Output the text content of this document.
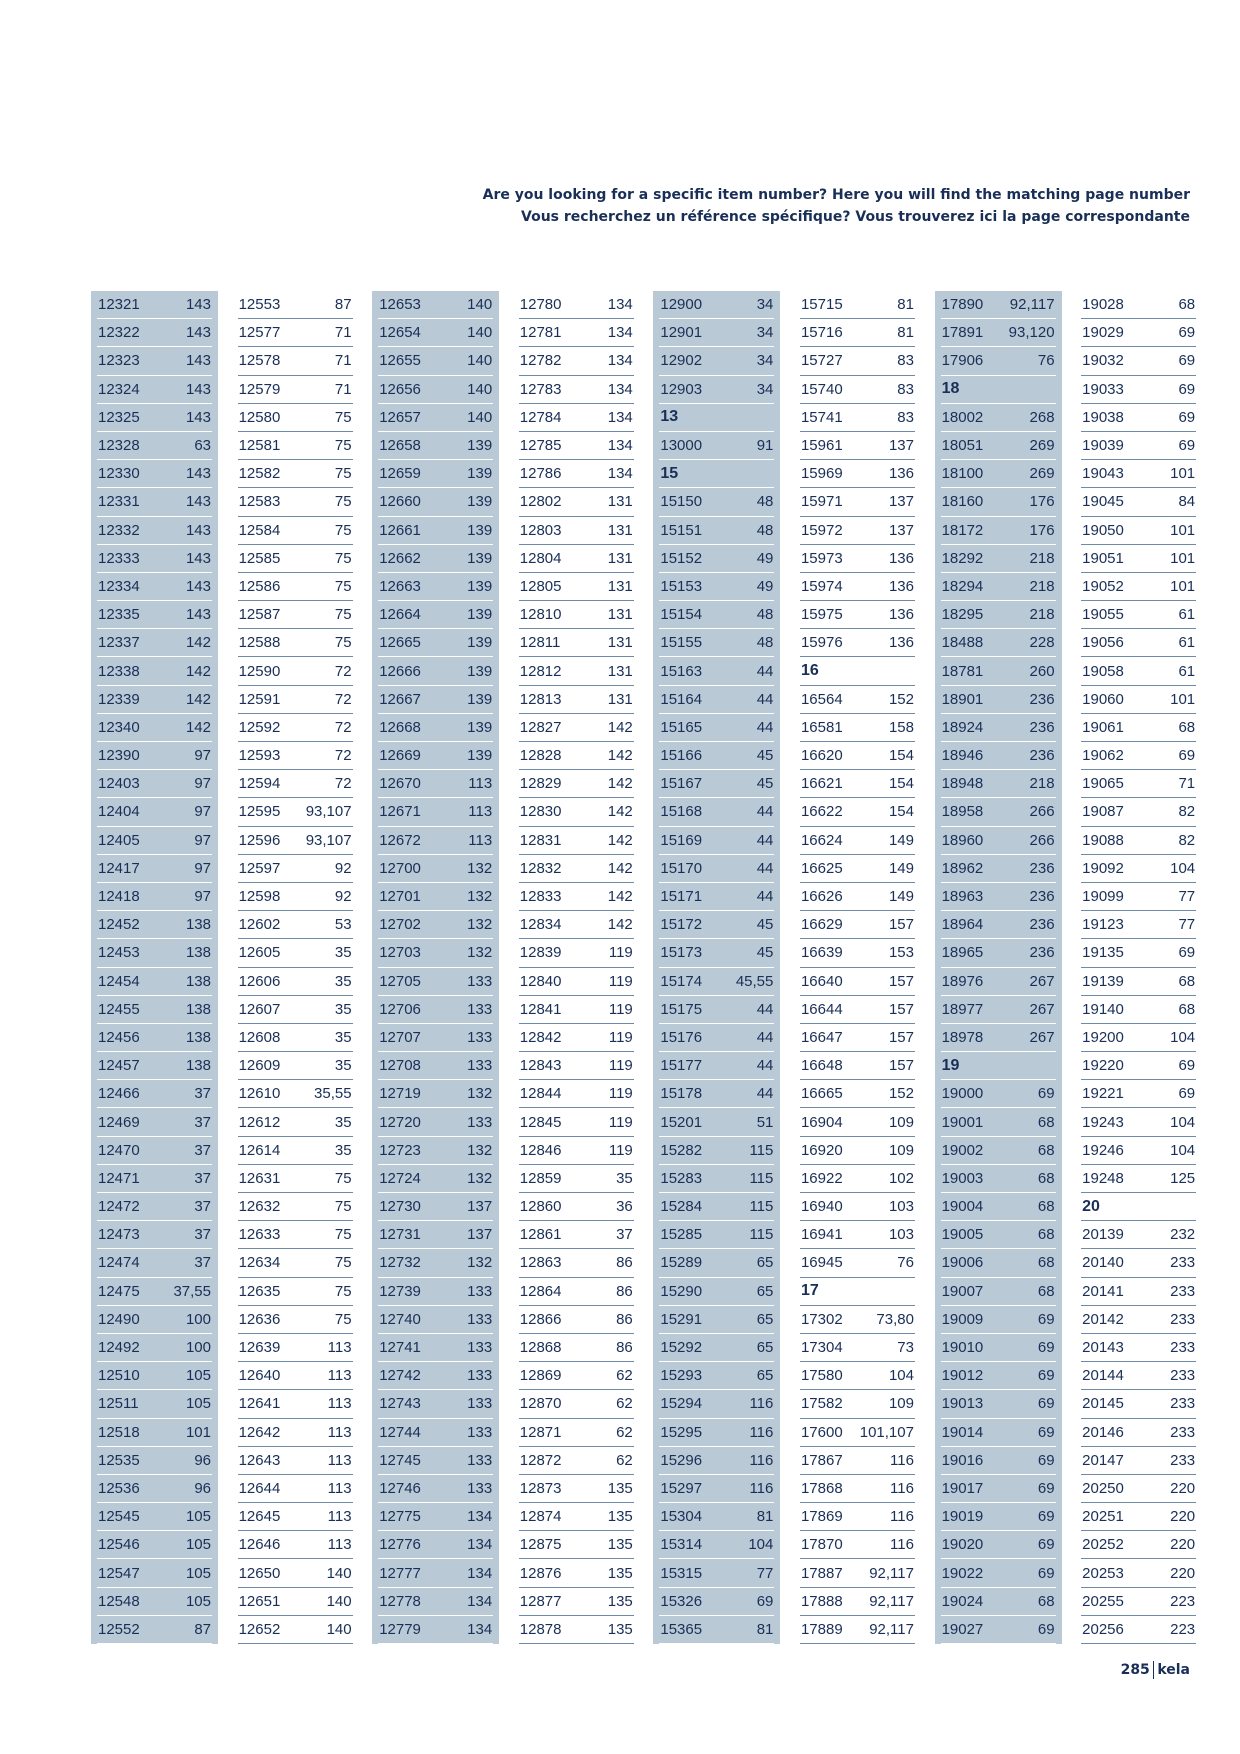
Are you looking for a specific item number? Here you will find the matching page number
Vous recherchez un référence spécifique? Vous trouverez ici la page correspondante
12321	143
12322	143
12323	143
12324	143
12325	143
12328	63
12330	143
12331	143
12332	143
12333	143
12334	143
12335	143
12337	142
12338	142
12339	142
12340	142
12390	97
12403	97
12404	97
12405	97
12417	97
12418	97
12452	138
12453	138
12454	138
12455	138
12456	138
12457	138
12466	37
12469	37
12470	37
12471	37
12472	37
12473	37
12474	37
12475 37,55
12490	100
12492	100
12510	105
12511	105
12518	101
12535	96
12536	96
12545	105
12546	105
12547	105
12548	105
12552	87
12553	87
12577	71
12578	71
12579	71
12580	75
12581	75
12582	75
12583	75
12584	75
12585	75
12586	75
12587	75
12588	75
12590	72
12591	72
12592	72
12593	72
12594	72
12595 93,107
12596 93,107
12597	92
12598	92
12602	53
12605	35
12606	35
12607	35
12608	35
12609	35
12610 35,55
12612	35
12614	35
12631	75
12632	75
12633	75
12634	75
12635	75
12636	75
12639	113
12640	113
12641	113
12642	113
12643	113
12644	113
12645	113
12646	113
12650	140
12651	140
12652	140
12653	140
12654	140
12655	140
12656	140
12657	140
12658	139
12659	139
12660	139
12661	139
12662	139
12663	139
12664	139
12665	139
12666	139
12667	139
12668	139
12669	139
12670	113
12671	113
12672	113
12700	132
12701	132
12702	132
12703	132
12705	133
12706	133
12707	133
12708	133
12719	132
12720	133
12723	132
12724	132
12730	137
12731	137
12732	132
12739	133
12740	133
12741	133
12742	133
12743	133
12744	133
12745	133
12746	133
12775	134
12776	134
12777	134
12778	134
12779	134
12780	134
12781	134
12782	134
12783	134
12784	134
12785	134
12786	134
12802	131
12803	131
12804	131
12805	131
12810	131
12811	131
12812	131
12813	131
12827	142
12828	142
12829	142
12830	142
12831	142
12832	142
12833	142
12834	142
12839	119
12840	119
12841	119
12842	119
12843	119
12844	119
12845	119
12846	119
12859	35
12860	36
12861	37
12863	86
12864	86
12866	86
12868	86
12869	62
12870	62
12871	62
12872	62
12873	135
12874	135
12875	135
12876	135
12877	135
12878	135
12900	34
12901	34
12902	34
12903	34
13
13000	91
15
15150	48
15151	48
15152	49
15153	49
15154	48
15155	48
15163	44
15164	44
15165	44
15166	45
15167	45
15168	44
15169	44
15170	44
15171	44
15172	45
15173	45
15174 45,55
15175	44
15176	44
15177	44
15178	44
15201	51
15282	115
15283	115
15284	115
15285	115
15289	65
15290	65
15291	65
15292	65
15293	65
15294	116
15295	116
15296	116
15297	116
15304	81
15314	104
15315	77
15326	69
15365	81
15715	81
15716	81
15727	83
15740	83
15741	83
15961	137
15969	136
15971	137
15972	137
15973	136
15974	136
15975	136
15976	136
16
16564	152
16581	158
16620	154
16621	154
16622	154
16624	149
16625	149
16626	149
16629	157
16639	153
16640	157
16644	157
16647	157
16648	157
16665	152
16904	109
16920	109
16922	102
16940	103
16941	103
16945	76
17
17302 73,80
17304	73
17580	104
17582	109
17600 101,107
17867	116
17868	116
17869	116
17870	116
17887 92,117
17888 92,117
17889 92,117
17890 92,117
17891 93,120
17906	76
18
18002	268
18051	269
18100	269
18160	176
18172	176
18292	218
18294	218
18295	218
18488	228
18781	260
18901	236
18924	236
18946	236
18948	218
18958	266
18960	266
18962	236
18963	236
18964	236
18965	236
18976	267
18977	267
18978	267
19
19000	69
19001	68
19002	68
19003	68
19004	68
19005	68
19006	68
19007	68
19009	69
19010	69
19012	69
19013	69
19014	69
19016	69
19017	69
19019	69
19020	69
19022	69
19024	68
19027	69
19028	68
19029	69
19032	69
19033	69
19038	69
19039	69
19043	101
19045	84
19050	101
19051	101
19052	101
19055	61
19056	61
19058	61
19060	101
19061	68
19062	69
19065	71
19087	82
19088	82
19092	104
19099	77
19123	77
19135	69
19139	68
19140	68
19200	104
19220	69
19221	69
19243	104
19246	104
19248	125
20
20139	232
20140	233
20141	233
20142	233
20143	233
20144	233
20145	233
20146	233
20147	233
20250	220
20251	220
20252	220
20253	220
20255	223
20256	223
285 kela
